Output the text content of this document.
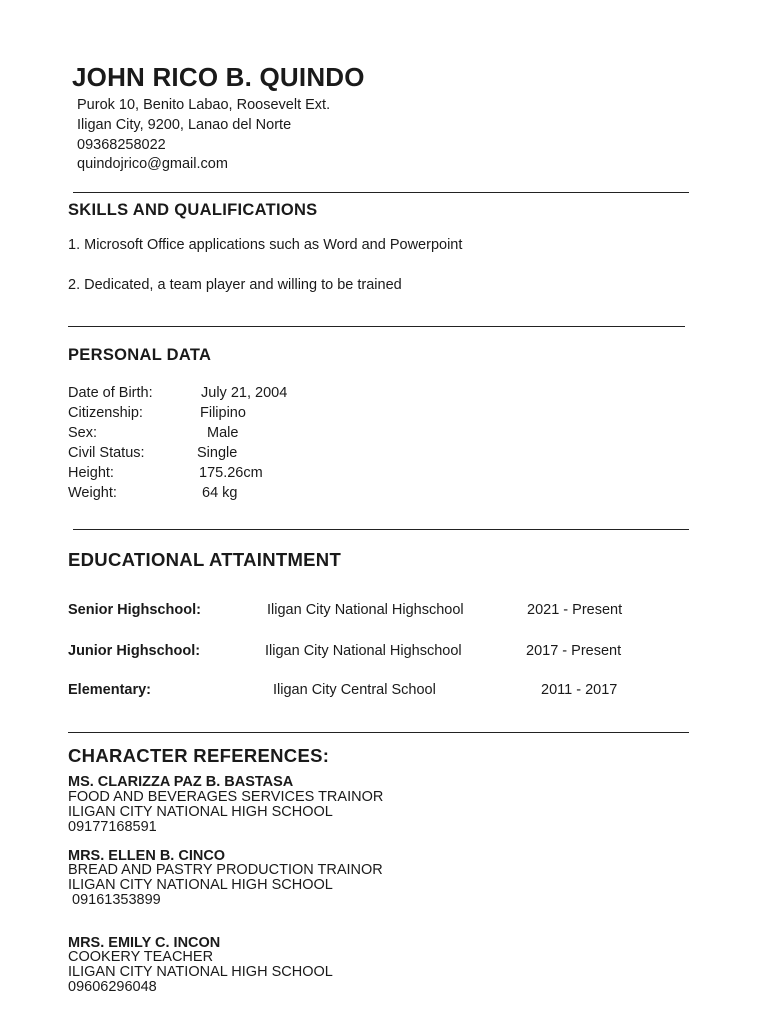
JOHN RICO B. QUINDO
Purok 10, Benito Labao, Roosevelt Ext.
Iligan City, 9200, Lanao del Norte
09368258022
quindojrico@gmail.com
SKILLS AND QUALIFICATIONS
1. Microsoft Office applications such as Word and Powerpoint
2. Dedicated, a team player and willing to be trained
PERSONAL DATA
Date of Birth:	July 21, 2004
Citizenship:	Filipino
Sex:	Male
Civil Status:	Single
Height:	175.26cm
Weight:	64 kg
EDUCATIONAL ATTAINTMENT
Senior Highschool:	Iligan City National Highschool	2021 - Present
Junior Highschool:	Iligan City National Highschool	2017 - Present
Elementary:	Iligan City Central School	2011 - 2017
CHARACTER REFERENCES:
MS. CLARIZZA PAZ B. BASTASA
FOOD AND BEVERAGES SERVICES TRAINOR
ILIGAN CITY NATIONAL HIGH SCHOOL
09177168591
MRS. ELLEN B. CINCO
BREAD AND PASTRY PRODUCTION TRAINOR
ILIGAN CITY NATIONAL HIGH SCHOOL
09161353899
MRS. EMILY C. INCON
COOKERY TEACHER
ILIGAN CITY NATIONAL HIGH SCHOOL
09606296048
